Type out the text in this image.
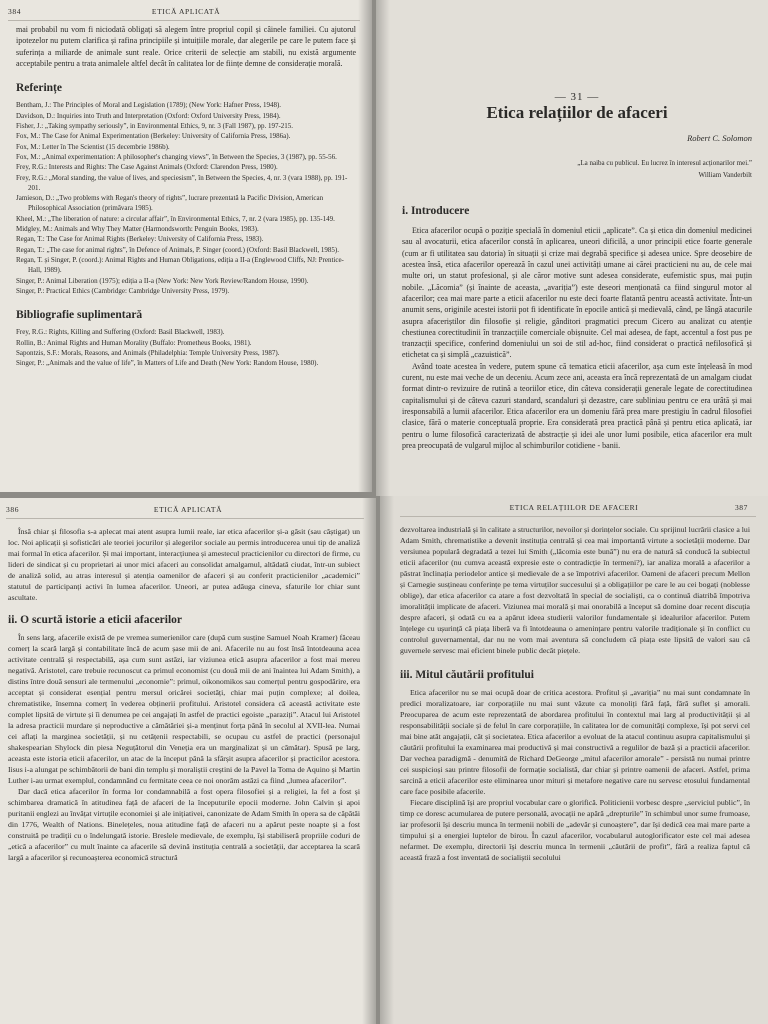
384	ETICĂ APLICATĂ

mai probabil nu vom fi niciodată obligați să alegem între propriul copil și câinele familiei. Cu ajutorul ipotezelor nu putem clarifica și rafina principiile și intuițiile morale, dar alegerile pe care le putem face și suferința a miliarde de animale sunt reale. Orice criterii de selecție am stabili, nu există argumente acceptabile pentru a trata animalele altfel decât în calitatea lor de ființe demne de considerație morală.

Referințe
Bentham, J.: The Principles of Moral and Legislation (1789); (New York: Hafner Press, 1948).
Davidson, D.: Inquiries into Truth and Interpretation (Oxford: Oxford University Press, 1984).
Fisher, J.: „Taking sympathy seriously”, in Environmental Ethics, 9, nr. 3 (Fall 1987), pp. 197-215.
Fox, M.: The Case for Animal Experimentation (Berkeley: University of California Press, 1986a).
Fox, M.: Letter în The Scientist (15 decembrie 1986b).
Fox, M.: „Animal experimentation: A philosopher's changing views”, în Between the Species, 3 (1987), pp. 55-56.
Frey, R.G.: Interests and Rights: The Case Against Animals (Oxford: Clarendon Press, 1980).
Frey, R.G.: „Moral standing, the value of lives, and speciesism”, în Between the Species, 4, nr. 3 (vara 1988), pp. 191-201.
Jamieson, D.: „Two problems with Regan's theory of rights”, lucrare prezentată la Pacific Division, American Philosophical Association (primăvara 1985).
Kheel, M.: „The liberation of nature: a circular affair”, în Environmental Ethics, 7, nr. 2 (vara 1985), pp. 135-149.
Midgley, M.: Animals and Why They Matter (Harmondsworth: Penguin Books, 1983).
Regan, T.: The Case for Animal Rights (Berkeley: University of California Press, 1983).
Regan, T.: „The case for animal rights”, în Defence of Animals, P. Singer (coord.) (Oxford: Basil Blackwell, 1985).
Regan, T. și Singer, P. (coord.): Animal Rights and Human Obligations, ediția a II-a (Englewood Cliffs, NJ: Prentice-Hall, 1989).
Singer, P.: Animal Liberation (1975); ediția a II-a (New York: New York Review/Random House, 1990).
Singer, P.: Practical Ethics (Cambridge: Cambridge University Press, 1979).
Bibliografie suplimentară
Frey, R.G.: Rights, Killing and Suffering (Oxford: Basil Blackwell, 1983).
Rollin, B.: Animal Rights and Human Morality (Buffalo: Prometheus Books, 1981).
Sapontzis, S.F.: Morals, Reasons, and Animals (Philadelphia: Temple University Press, 1987).
Singer, P.: „Animals and the value of life”, în Matters of Life and Death (New York: Random House, 1980).
— 31 —
Etica relațiilor de afaceri
Robert C. Solomon
„La naiba cu publicul. Eu lucrez în interesul acționarilor mei.”
William Vanderbilt
i. Introducere

Etica afacerilor ocupă o poziție specială în domeniul eticii „aplicate”. Ca și etica din domeniul medicinei sau al avocaturii, etica afacerilor constă în aplicarea, uneori dificilă, a unor principii etice foarte generale (cum ar fi utilitatea sau datoria) în situații și crize mai degrabă specifice și adesea unice. Spre deosebire de acestea însă, etica afacerilor operează în cazul unei activități umane ai cărei practicieni nu au, de cele mai multe ori, un statut profesional, și ale căror motive sunt adesea considerate, eufemistic spus, mai puțin nobile. „Lăcomia” (și înainte de aceasta, „avariția”) este deseori menționată ca fiind singurul motor al afacerilor; cea mai mare parte a eticii afacerilor nu este deci foarte flatantă pentru această activitate. Într-un anumit sens, originile acestei istorii pot fi identificate în epocile antică și medievală, când, pe lângă atacurile asupra afaceriștilor din filosofie și religie, gânditori pragmatici precum Cicero au analizat cu atenție chestiunea corectitudinii în tranzacțiile comerciale obișnuite. Cel mai adesea, de fapt, accentul a fost pus pe tranzacții specifice, conferind domeniului un soi de stil ad-hoc, fiind considerat o practică nefilosofică și etichetat ca și simplă „cazuistică”.

Având toate acestea în vedere, putem spune că tematica eticii afacerilor, așa cum este înțeleasă în mod curent, nu este mai veche de un deceniu. Acum zece ani, aceasta era încă reprezentată de un amalgam ciudat format dintr-o revizuire de rutină a teoriilor etice, din câteva considerații generale legate de corectitudinea capitalismului și de câteva cazuri standard, scandaluri și dezastre, care subliniau pentru ce era urâtă și mai iresponsabilă a lumii afacerilor. Etica afacerilor era un domeniu fără prea mare prestigiu în cadrul filosofiei clasice, fără o materie conceptuală proprie. Era considerată prea practică până și pentru etica aplicată, iar pentru o lume filosofică caracterizată de abstracție și idei ale unor lumi posibile, etica afacerilor era mult prea preocupată de vulgarul mijloc al schimburilor cotidiene - banii.

386	ETICĂ APLICATĂ

Însă chiar și filosofia s-a aplecat mai atent asupra lumii reale, iar etica afacerilor și-a găsit (sau câștigat) un loc. Noi aplicații și sofisticări ale teoriei jocurilor și alegerilor sociale au permis introducerea unui tip de analiză mai formal în etica afacerilor. Și mai important, interacțiunea și amestecul practicienilor cu directori de firme, cu lideri de sindicat și cu proprietari ai unor mici afaceri au consolidat amalgamul, altădată ciudat, într-un subiect de analiză solid, au atras interesul și atenția oamenilor de afaceri și au conferit practicienilor „academici” statutul de participanți activi în lumea afacerilor. Uneori, ar putea adăuga cineva, sfaturile lor chiar sunt ascultate.

ii. O scurtă istorie a eticii afacerilor

În sens larg, afacerile există de pe vremea sumerienilor care (după cum susține Samuel Noah Kramer) făceau comerț la scară largă și contabilitate încă de acum șase mii de ani. Afacerile nu au fost însă întotdeauna acea activitate centrală și respectabilă, așa cum sunt astăzi, iar viziunea etică asupra afacerilor a fost mai mereu negativă. Aristotel, care trebuie recunoscut ca primul economist (cu două mii de ani înaintea lui Adam Smith), a distins între două sensuri ale termenului „economie”: primul, oikonomikos sau comerțul pentru gospodărire, era acceptat și considerat esențial pentru mersul oricărei societăți, chiar mai puțin complexe; al doilea, chrematistike, însemna comerț în vederea obținerii profitului. Aristotel considera că această activitate este complet lipsită de virtute și îi denumea pe cei angajați în astfel de practici egoiste „paraziți”. Atacul lui Aristotel la adresa practicii murdare și neproductive a cămătăriei și-a menținut forța până în secolul al XVII-lea. Numai cei aflați la marginea societății, și nu cetățenii respectabili, se ocupau cu astfel de practici (personajul shakespearian Shylock din piesa Neguțătorul din Veneția era un marginalizat și un cămătar). Spusă pe larg, aceasta este istoria eticii afacerilor, un atac de la început până la sfârșit asupra afacerilor și practicilor acestora. Iisus i-a alungat pe schimbătorii de bani din templu și moraliștii creștini de la Pavel la Toma de Aquino și Martin Luther i-au urmat exemplul, condamnând cu fermitate ceea ce noi onorăm astăzi ca fiind „lumea afacerilor”.

Dar dacă etica afacerilor în forma lor condamnabilă a fost opera filosofiei și a religiei, la fel a fost și schimbarea dramatică în atitudinea față de afaceri de la începuturile epocii moderne. John Calvin și apoi puritanii englezi au învățat virtuțile economiei și ale inițiativei, canonizate de Adam Smith în opera sa de căpătâi din 1776, Wealth of Nations. Binelețeles, noua atitudine față de afaceri nu a apărut peste noapte și a fost construită pe tradiții cu o îndelungată istorie. Breslele medievale, de exemplu, își stabiliseră propriile coduri de „etică a afacerilor” cu mult înainte ca afacerile să devină instituția centrală a societății, dar acceptarea la scară largă a afacerilor și recunoașterea economică structură

ETICA RELAȚIILOR DE AFACERI	387

dezvoltarea industrială și în calitate a structurilor, nevoilor și dorințelor sociale. Cu sprijinul lucrării clasice a lui Adam Smith, chrematistike a devenit instituția centrală și cea mai importantă virtute a societății moderne. Dar versiunea populară degradată a tezei lui Smith („lăcomia este bună”) nu era de natură să conducă la subiectul eticii afacerilor (nu cumva această expresie este o contradicție în termeni?), iar analiza morală a afacerilor a păstrat înclinația periodelor antice și medievale de a se împotrivi afacerilor. Oameni de afaceri precum Mellon și Carnegie susțineau conferințe pe tema virtuților succesului și a obligațiilor pe care le au cei bogați (noblesse oblige), dar etica afacerilor ca atare a fost dezvoltată în special de socialiști, ca o continuă diatribă împotriva imoralității implicate de afaceri. Viziunea mai morală și mai onorabilă a început să domine doar recent discuția despre afaceri, și odată cu ea a apărut ideea studierii valorilor fundamentale și idealurilor afacerilor. Putem înțelege cu ușurință că piața liberă va fi întotdeauna o amenințare pentru valorile tradiționale și în conflict cu controlul guvernamental, dar nu ne vom mai aventura să concludem că piața este lipsită de valori sau că guvernele servesc mai eficient binele public decât piețele.

iii. Mitul căutării profitului

Etica afacerilor nu se mai ocupă doar de critica acestora. Profitul și „avariția” nu mai sunt condamnate în predici moralizatoare, iar corporațiile nu mai sunt văzute ca monoliți fără față, fără suflet și amorali. Preocuparea de acum este reprezentată de abordarea profitului în contextul mai larg al productivității și al responsabilității sociale și de felul în care corporațiile, în calitatea lor de comunități complexe, își pot servi cel mai bine atât angajații, cât și societatea. Etica afacerilor a evoluat de la atacul continuu asupra capitalismului și căutării profitului la examinarea mai productivă și mai constructivă a regulilor de bază și a practicii afacerilor. Dar vechea paradigmă - denumită de Richard DeGeorge „mitul afacerilor amorale” - persistă nu numai printre cei suspicioși sau printre filosofii de formație socialistă, dar chiar și printre oamenii de afaceri. Astfel, prima sarcină a eticii afacerilor este eliminarea unor mituri și metafore negative care nu servesc etosului fundamental care face posibile afacerile.

Fiecare disciplină își are propriul vocabular care o glorifică. Politicienii vorbesc despre „serviciul public”, în timp ce doresc acumularea de putere personală, avocații ne apără „drepturile” în schimbul unor sume frumoase, iar profesorii își descriu munca în termenii nobili de „adevăr și cunoaștere”, dar își dedică cea mai mare parte a timpului și a energiei luptelor de birou. În cazul afacerilor, vocabularul autoglorificator este cel mai adesea nefarmet. De exemplu, directorii își descriu munca în termenii „căutării de profit”, fără a realiza faptul că această frază a fost inventată de socialiștii secolului
